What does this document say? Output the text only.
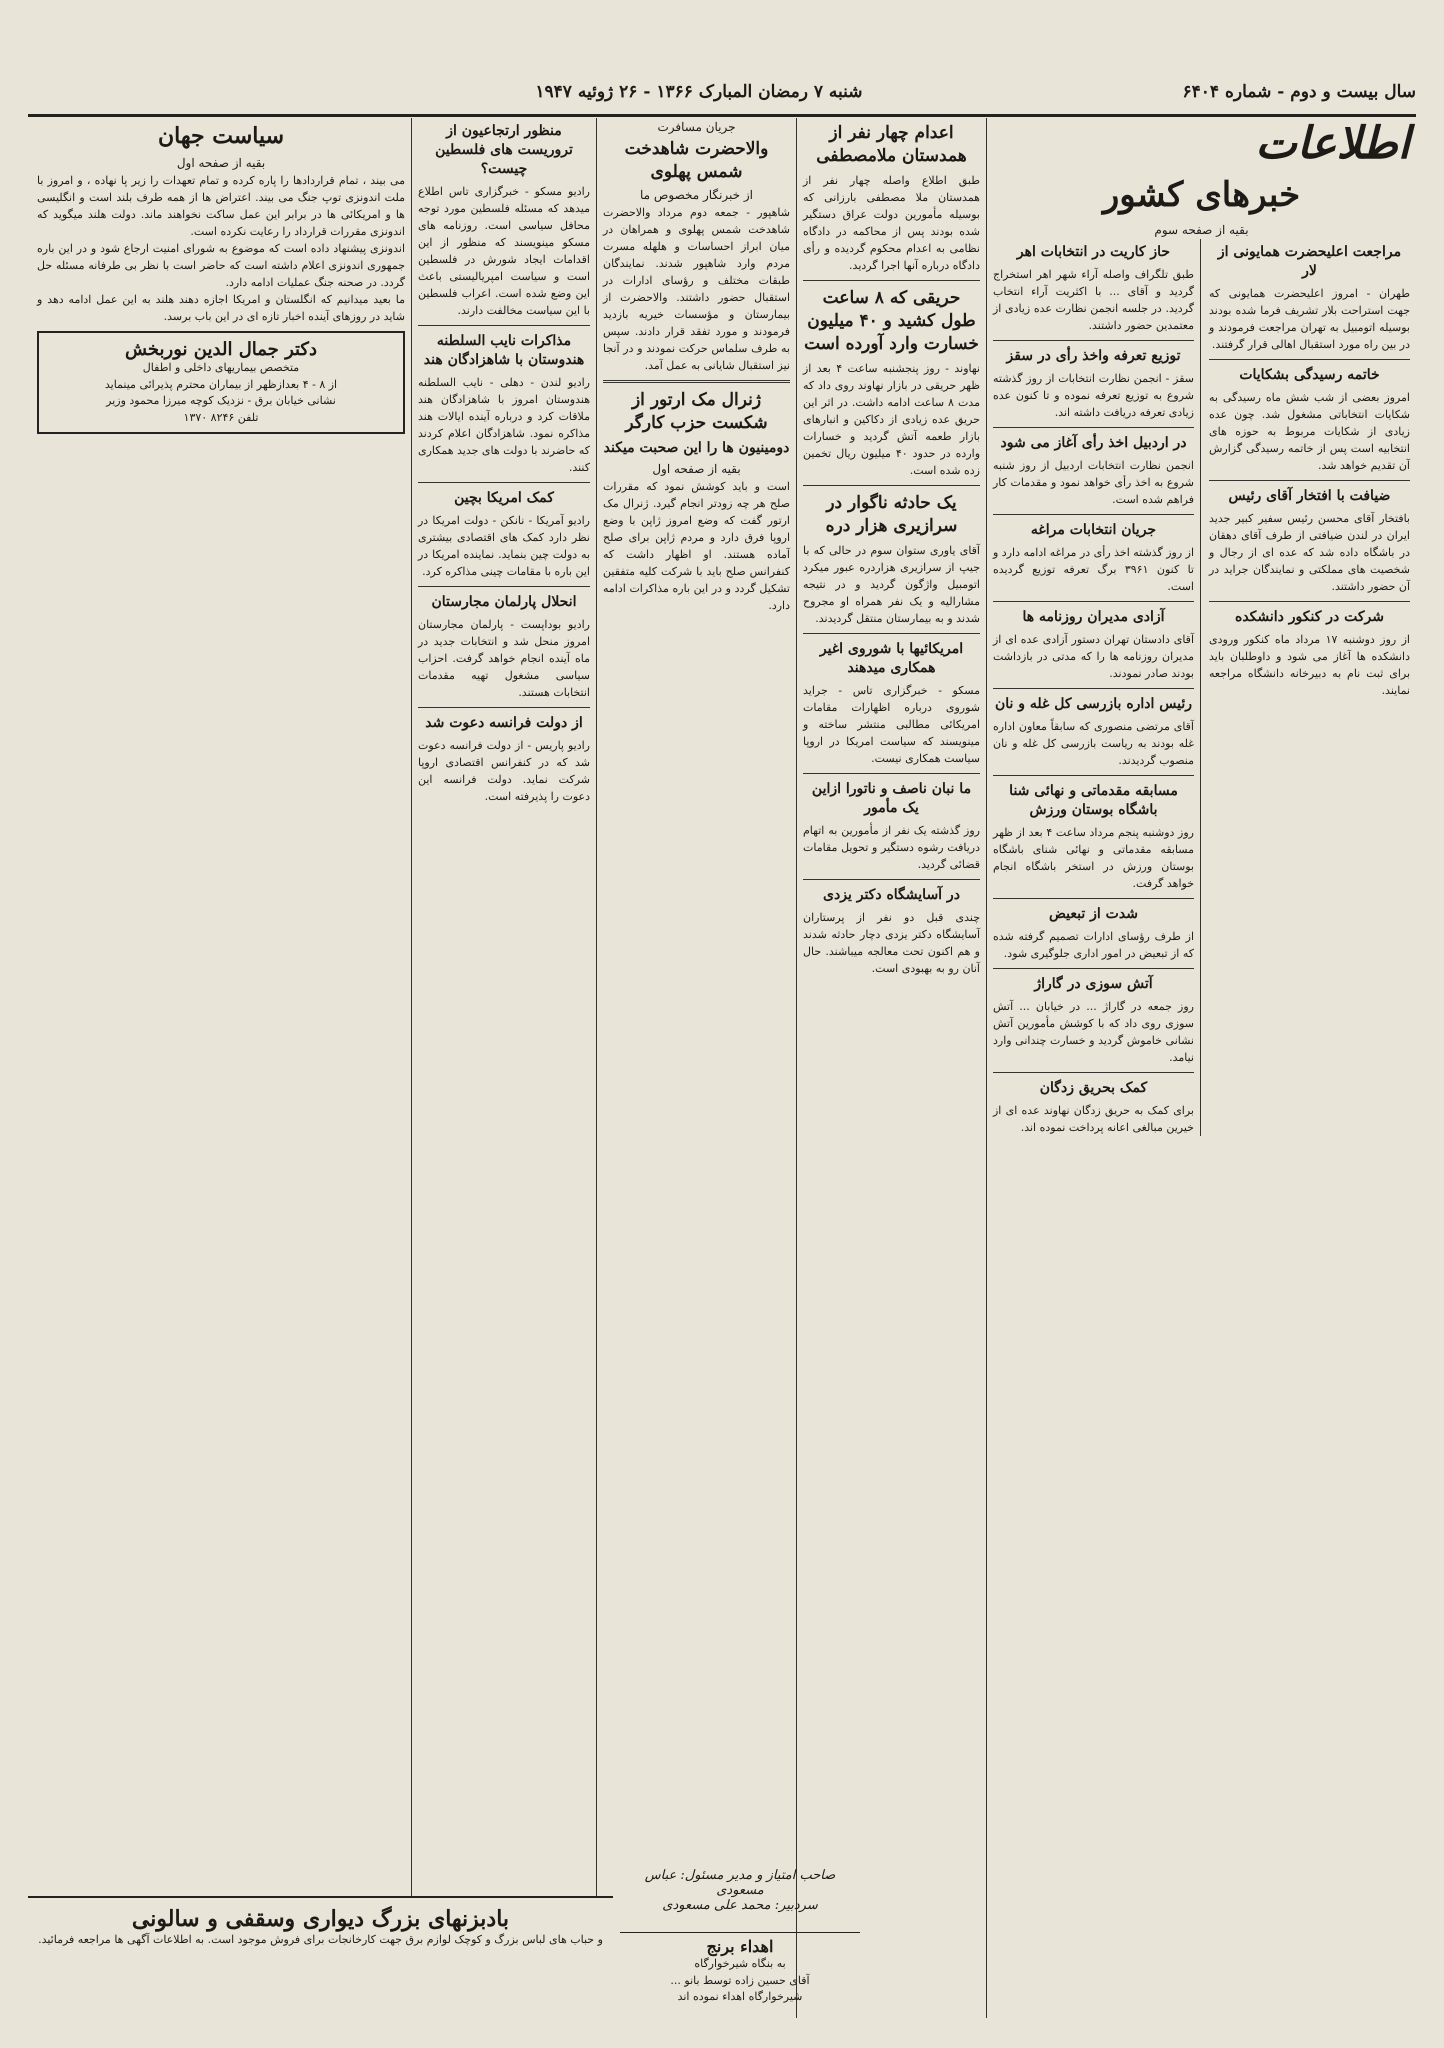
سال بیست و دوم - شماره ۶۴۰۴
شنبه ۷ رمضان المبارک ۱۳۶۶ - ۲۶ ژوئیه ۱۹۴۷
اطلاعات
خبرهای کشور
بقیه از صفحه سوم
مراجعت اعلیحضرت همایونی از لار
طهران - امروز اعلیحضرت همایونی که جهت استراحت بلار تشریف فرما شده بودند بوسیله اتومبیل به تهران مراجعت فرمودند و در بین راه مورد استقبال اهالی قرار گرفتند.
خاتمه رسیدگی بشکایات
امروز بعضی از شب شش ماه رسیدگی به شکایات انتخاباتی مشغول شد. چون عده زیادی از شکایات مربوط به حوزه های انتخابیه است پس از خاتمه رسیدگی گزارش آن تقدیم خواهد شد.
ضیافت با افتخار آقای رئیس
بافتخار آقای محسن رئیس سفیر کبیر جدید ایران در لندن ضیافتی از طرف آقای دهقان در باشگاه داده شد که عده ای از رجال و شخصیت های مملکتی و نمایندگان جراید در آن حضور داشتند.
شرکت در کنکور دانشکده
از روز دوشنبه ۱۷ مرداد ماه کنکور ورودی دانشکده ها آغاز می شود و داوطلبان باید برای ثبت نام به دبیرخانه دانشگاه مراجعه نمایند.
حاز کاریت در انتخابات اهر
طبق تلگراف واصله آراء شهر اهر استخراج گردید و آقای ... با اکثریت آراء انتخاب گردید. در جلسه انجمن نظارت عده زیادی از معتمدین حضور داشتند.
توزیع تعرفه واخذ رأی در سقز
سقز - انجمن نظارت انتخابات از روز گذشته شروع به توزیع تعرفه نموده و تا کنون عده زیادی تعرفه دریافت داشته اند.
در اردبیل اخذ رأی آغاز می شود
انجمن نظارت انتخابات اردبیل از روز شنبه شروع به اخذ رأی خواهد نمود و مقدمات کار فراهم شده است.
جریان انتخابات مراغه
از روز گذشته اخذ رأی در مراغه ادامه دارد و تا کنون ۳۹۶۱ برگ تعرفه توزیع گردیده است.
آزادی مدیران روزنامه ها
آقای دادستان تهران دستور آزادی عده ای از مدیران روزنامه ها را که مدتی در بازداشت بودند صادر نمودند.
رئیس اداره بازرسی کل غله و نان
آقای مرتضی منصوری که سابقاً معاون اداره غله بودند به ریاست بازرسی کل غله و نان منصوب گردیدند.
مسابقه مقدماتی و نهائی شنا باشگاه بوستان ورزش
روز دوشنبه پنجم مرداد ساعت ۴ بعد از ظهر مسابقه مقدماتی و نهائی شنای باشگاه بوستان ورزش در استخر باشگاه انجام خواهد گرفت.
شدت از تبعیض
از طرف رؤسای ادارات تصمیم گرفته شده که از تبعیض در امور اداری جلوگیری شود.
آتش سوزی در گاراژ
روز جمعه در گاراژ ... در خیابان ... آتش سوزی روی داد که با کوشش مأمورین آتش نشانی خاموش گردید و خسارت چندانی وارد نیامد.
کمک بحریق زدگان
برای کمک به حریق زدگان نهاوند عده ای از خیرین مبالغی اعانه پرداخت نموده اند.
اعدام چهار نفر از همدستان ملامصطفی
طبق اطلاع واصله چهار نفر از همدستان ملا مصطفی بارزانی که بوسیله مأمورین دولت عراق دستگیر شده بودند پس از محاکمه در دادگاه نظامی به اعدام محکوم گردیده و رأی دادگاه درباره آنها اجرا گردید.
حریقی که ۸ ساعت طول کشید و ۴۰ میلیون خسارت وارد آورده است
نهاوند - روز پنجشنبه ساعت ۴ بعد از ظهر حریقی در بازار نهاوند روی داد که مدت ۸ ساعت ادامه داشت. در اثر این حریق عده زیادی از دکاکین و انبارهای بازار طعمه آتش گردید و خسارات وارده در حدود ۴۰ میلیون ریال تخمین زده شده است.
یک حادثه ناگوار در سرازیری هزار دره
آقای یاوری ستوان سوم در حالی که با جیپ از سرازیری هزاردره عبور میکرد اتومبیل واژگون گردید و در نتیجه مشارالیه و یک نفر همراه او مجروح شدند و به بیمارستان منتقل گردیدند.
امریکائیها با شوروی اغیر همکاری میدهند
مسکو - خبرگزاری تاس - جراید شوروی درباره اظهارات مقامات امریکائی مطالبی منتشر ساخته و مینویسند که سیاست امریکا در اروپا سیاست همکاری نیست.
ما نبان ناصف و ناتورا ازاین یک مأمور
روز گذشته یک نفر از مأمورین به اتهام دریافت رشوه دستگیر و تحویل مقامات قضائی گردید.
در آسایشگاه دکتر یزدی
چندی قبل دو نفر از پرستاران آسایشگاه دکتر یزدی دچار حادثه شدند و هم اکنون تحت معالجه میباشند. حال آنان رو به بهبودی است.
جریان مسافرت
والاحضرت شاهدخت شمس پهلوی
از خبرنگار مخصوص ما
شاهپور - جمعه دوم مرداد والاحضرت شاهدخت شمس پهلوی و همراهان در میان ابراز احساسات و هلهله مسرت مردم وارد شاهپور شدند. نمایندگان طبقات مختلف و رؤسای ادارات در استقبال حضور داشتند. والاحضرت از بیمارستان و مؤسسات خیریه بازدید فرمودند و مورد تفقد قرار دادند. سپس به طرف سلماس حرکت نمودند و در آنجا نیز استقبال شایانی به عمل آمد.
ژنرال مک ارتور از شکست حزب کارگر
دومینیون ها را این صحبت میکند
بقیه از صفحه اول
است و باید کوشش نمود که مقررات صلح هر چه زودتر انجام گیرد. ژنرال مک ارتور گفت که وضع امروز ژاپن با وضع اروپا فرق دارد و مردم ژاپن برای صلح آماده هستند. او اظهار داشت که کنفرانس صلح باید با شرکت کلیه متفقین تشکیل گردد و در این باره مذاکرات ادامه دارد.
منظور ارتجاعیون از تروریست های فلسطین چیست؟
رادیو مسکو - خبرگزاری تاس اطلاع میدهد که مسئله فلسطین مورد توجه محافل سیاسی است. روزنامه های مسکو مینویسند که منظور از این اقدامات ایجاد شورش در فلسطین است و سیاست امپریالیستی باعث این وضع شده است. اعراب فلسطین با این سیاست مخالفت دارند.
مذاکرات نایب السلطنه هندوستان با شاهزادگان هند
رادیو لندن - دهلی - نایب السلطنه هندوستان امروز با شاهزادگان هند ملاقات کرد و درباره آینده ایالات هند مذاکره نمود. شاهزادگان اعلام کردند که حاضرند با دولت های جدید همکاری کنند.
کمک امریکا بچین
رادیو آمریکا - نانکن - دولت امریکا در نظر دارد کمک های اقتصادی بیشتری به دولت چین بنماید. نماینده امریکا در این باره با مقامات چینی مذاکره کرد.
انحلال پارلمان مجارستان
رادیو بوداپست - پارلمان مجارستان امروز منحل شد و انتخابات جدید در ماه آینده انجام خواهد گرفت. احزاب سیاسی مشغول تهیه مقدمات انتخابات هستند.
از دولت فرانسه دعوت شد
رادیو پاریس - از دولت فرانسه دعوت شد که در کنفرانس اقتصادی اروپا شرکت نماید. دولت فرانسه این دعوت را پذیرفته است.
سیاست جهان
بقیه از صفحه اول
می بیند ، تمام قراردادها را پاره کرده و تمام تعهدات را زیر پا نهاده ، و امروز با ملت اندونزی توپ جنگ می بیند. اعتراض ها از همه طرف بلند است و انگلیسی ها و امریکائی ها در برابر این عمل ساکت نخواهند ماند. دولت هلند میگوید که اندونزی مقررات قرارداد را رعایت نکرده است.
اندونزی پیشنهاد داده است که موضوع به شورای امنیت ارجاع شود و در این باره جمهوری اندونزی اعلام داشته است که حاضر است با نظر بی طرفانه مسئله حل گردد. در صحنه جنگ عملیات ادامه دارد.
ما بعید میدانیم که انگلستان و امریکا اجازه دهند هلند به این عمل ادامه دهد و شاید در روزهای آینده اخبار تازه ای در این باب برسد.
دکتر جمال الدین نوربخش
متخصص بیماریهای داخلی و اطفال
از ۸ - ۴ بعدازظهر از بیماران محترم پذیرائی مینماید
نشانی خیابان برق - نزدیک کوچه میرزا محمود وزیر
تلفن ۸۲۴۶ ۱۳۷۰
بادبزنهای بزرگ دیواری وسقفی و سالونی
و حباب های لباس بزرگ و کوچک لوازم برق جهت کارخانجات برای فروش موجود است. به اطلاعات آگهی ها مراجعه فرمائید.
صاحب امتیاز و مدیر مسئول: عباس مسعودی
سردبیر: محمد علی مسعودی
اهداء برنج
به بنگاه شیرخوارگاه
آقای حسین زاده توسط بانو ...
شیرخوارگاه اهداء نموده اند
